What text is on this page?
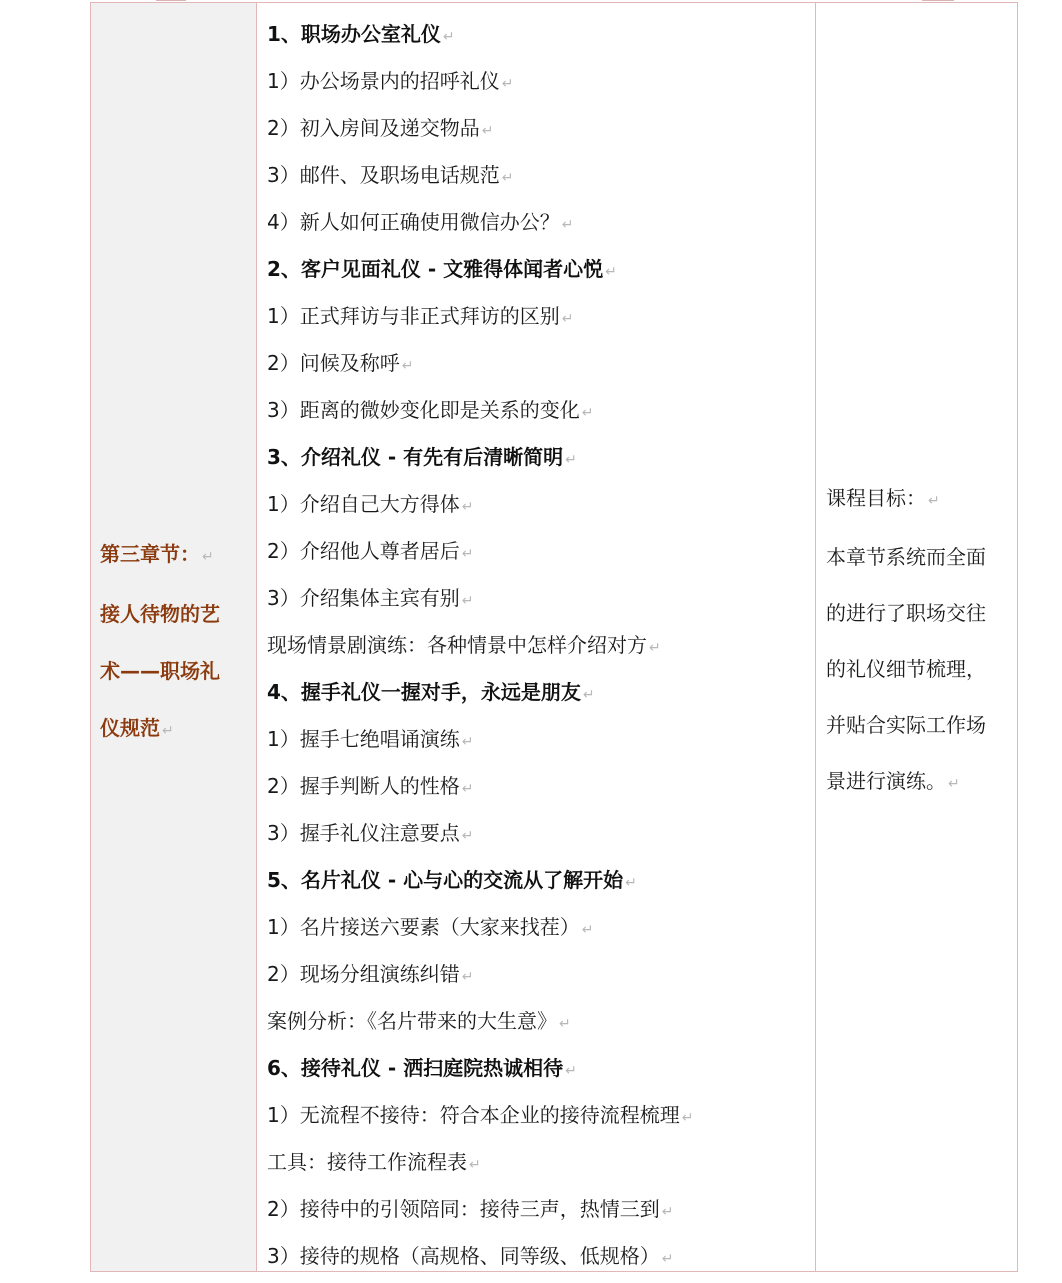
第三章节： ↵
接人待物的艺
术——职场礼
仪规范 ↵
1、职场办公室礼仪 ↵
1）办公场景内的招呼礼仪 ↵
2）初入房间及递交物品 ↵
3）邮件、及职场电话规范 ↵
4）新人如何正确使用微信办公？ ↵
2、客户见面礼仪 - 文雅得体闻者心悦 ↵
1）正式拜访与非正式拜访的区别 ↵
2）问候及称呼 ↵
3）距离的微妙变化即是关系的变化 ↵
3、介绍礼仪 - 有先有后清晰简明 ↵
1）介绍自己大方得体 ↵
2）介绍他人尊者居后 ↵
3）介绍集体主宾有别 ↵
现场情景剧演练：各种情景中怎样介绍对方 ↵
4、握手礼仪一握对手，永远是朋友 ↵
1）握手七绝唱诵演练 ↵
2）握手判断人的性格 ↵
3）握手礼仪注意要点 ↵
5、名片礼仪 - 心与心的交流从了解开始 ↵
1）名片接送六要素（大家来找茬） ↵
2）现场分组演练纠错 ↵
案例分析：《名片带来的大生意》 ↵
6、接待礼仪 - 洒扫庭院热诚相待 ↵
1）无流程不接待：符合本企业的接待流程梳理 ↵
工具：接待工作流程表 ↵
2）接待中的引领陪同：接待三声，热情三到 ↵
3）接待的规格（高规格、同等级、低规格） ↵
课程目标： ↵
本章节系统而全面
的进行了职场交往
的礼仪细节梳理，
并贴合实际工作场
景进行演练。 ↵
